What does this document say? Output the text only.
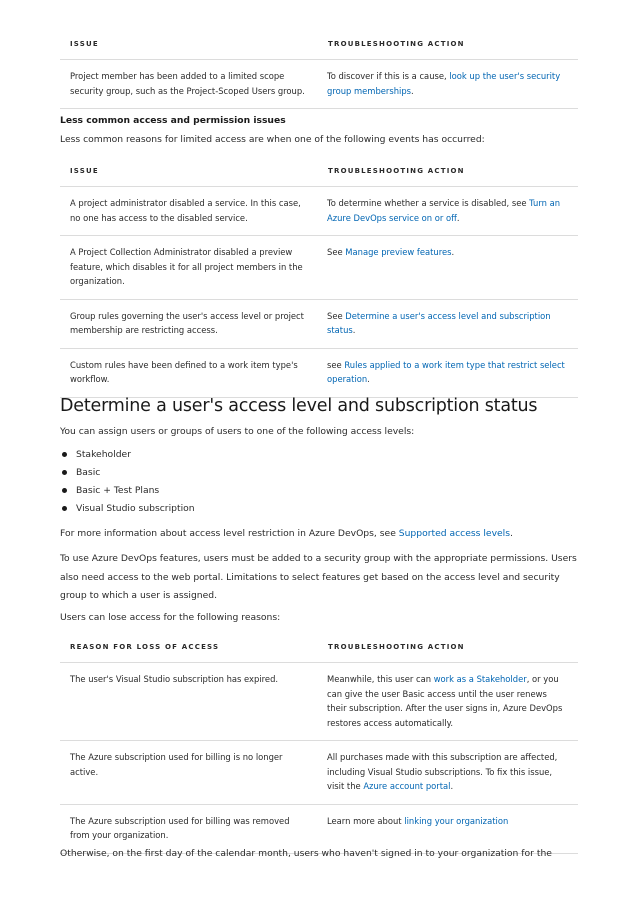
ISSUE	TROUBLESHOOTING ACTION
Project member has been added to a limited scope security group, such as the Project-Scoped Users group.	To discover if this is a cause, look up the user's security group memberships.

Less common access and permission issues

Less common reasons for limited access are when one of the following events has occurred:

ISSUE	TROUBLESHOOTING ACTION
A project administrator disabled a service. In this case, no one has access to the disabled service.	To determine whether a service is disabled, see Turn an Azure DevOps service on or off.
A Project Collection Administrator disabled a preview feature, which disables it for all project members in the organization.	See Manage preview features.
Group rules governing the user's access level or project membership are restricting access.	See Determine a user's access level and subscription status.
Custom rules have been defined to a work item type's workflow.	see Rules applied to a work item type that restrict select operation.
Determine a user's access level and subscription status

You can assign users or groups of users to one of the following access levels:

Stakeholder
Basic
Basic + Test Plans
Visual Studio subscription

For more information about access level restriction in Azure DevOps, see Supported access levels.

To use Azure DevOps features, users must be added to a security group with the appropriate permissions. Users also need access to the web portal. Limitations to select features get based on the access level and security group to which a user is assigned.

Users can lose access for the following reasons:

REASON FOR LOSS OF ACCESS	TROUBLESHOOTING ACTION
The user's Visual Studio subscription has expired.	Meanwhile, this user can work as a Stakeholder, or you can give the user Basic access until the user renews their subscription. After the user signs in, Azure DevOps restores access automatically.
The Azure subscription used for billing is no longer active.	All purchases made with this subscription are affected, including Visual Studio subscriptions. To fix this issue, visit the Azure account portal.
The Azure subscription used for billing was removed from your organization.	Learn more about linking your organization

Otherwise, on the first day of the calendar month, users who haven't signed in to your organization for the
